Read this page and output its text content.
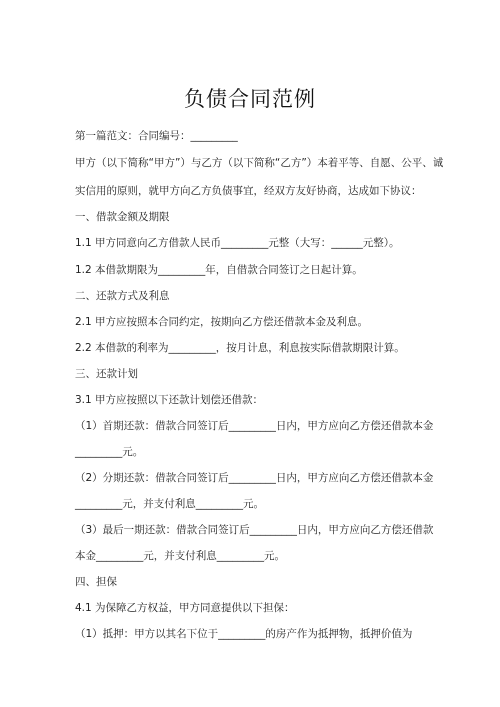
负债合同范例
第一篇范文：合同编号：_________
甲方（以下简称“甲方”）与乙方（以下简称“乙方”）本着平等、自愿、公平、诚
实信用的原则，就甲方向乙方负债事宜，经双方友好协商，达成如下协议：
一、借款金额及期限
1.1 甲方同意向乙方借款人民币_________元整（大写：______元整）。
1.2 本借款期限为_________年，自借款合同签订之日起计算。
二、还款方式及利息
2.1 甲方应按照本合同约定，按期向乙方偿还借款本金及利息。
2.2 本借款的利率为_________，按月计息，利息按实际借款期限计算。
三、还款计划
3.1 甲方应按照以下还款计划偿还借款：
（1）首期还款：借款合同签订后_________日内，甲方应向乙方偿还借款本金
_________元。
（2）分期还款：借款合同签订后_________日内，甲方应向乙方偿还借款本金
_________元，并支付利息_________元。
（3）最后一期还款：借款合同签订后_________日内，甲方应向乙方偿还借款
本金_________元，并支付利息_________元。
四、担保
4.1 为保障乙方权益，甲方同意提供以下担保：
（1）抵押：甲方以其名下位于_________的房产作为抵押物，抵押价值为
